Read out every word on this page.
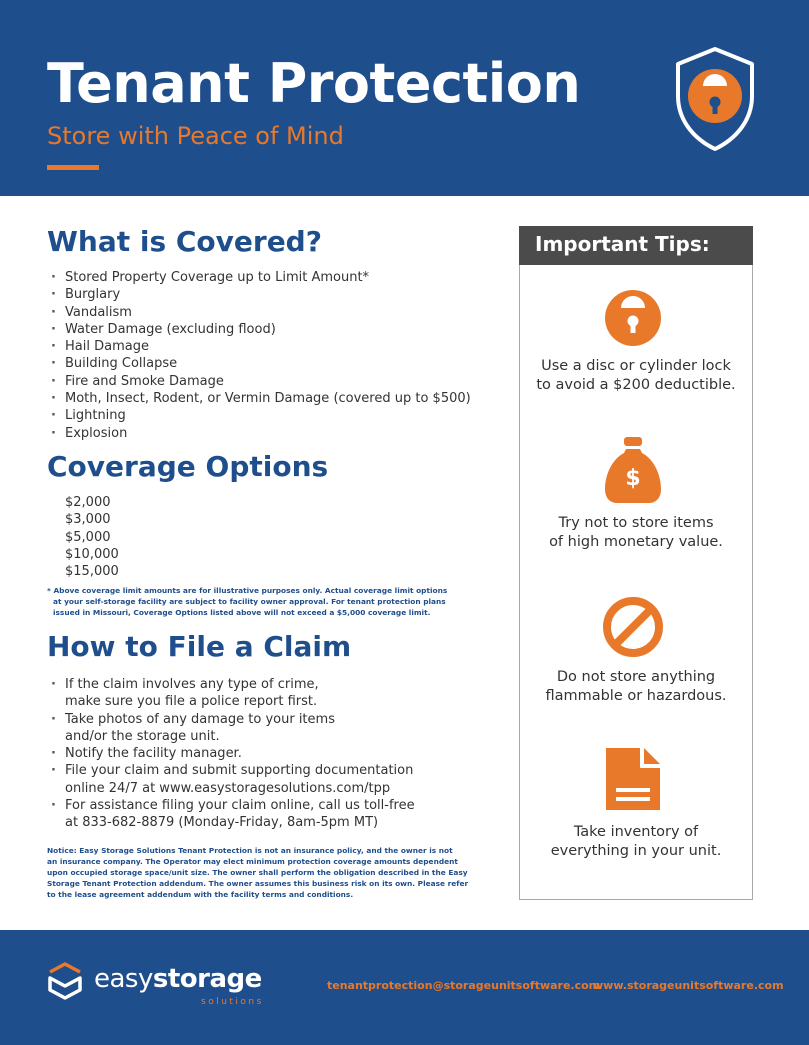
Tenant Protection
Store with Peace of Mind
What is Covered?
· Stored Property Coverage up to Limit Amount*
· Burglary
· Vandalism
· Water Damage (excluding flood)
· Hail Damage
· Building Collapse
· Fire and Smoke Damage
· Moth, Insect, Rodent, or Vermin Damage (covered up to $500)
· Lightning
· Explosion
Coverage Options
$2,000
$3,000
$5,000
$10,000
$15,000
* Above coverage limit amounts are for illustrative purposes only. Actual coverage limit options
at your self-storage facility are subject to facility owner approval. For tenant protection plans
issued in Missouri, Coverage Options listed above will not exceed a $5,000 coverage limit.
How to File a Claim
· If the claim involves any type of crime,
make sure you file a police report first.
· Take photos of any damage to your items
and/or the storage unit.
· Notify the facility manager.
· File your claim and submit supporting documentation
online 24/7 at www.easystoragesolutions.com/tpp
· For assistance filing your claim online, call us toll-free
at 833-682-8879 (Monday-Friday, 8am-5pm MT)
Notice: Easy Storage Solutions Tenant Protection is not an insurance policy, and the owner is not
an insurance company. The Operator may elect minimum protection coverage amounts dependent
upon occupied storage space/unit size. The owner shall perform the obligation described in the Easy
Storage Tenant Protection addendum. The owner assumes this business risk on its own. Please refer
to the lease agreement addendum with the facility terms and conditions.
Important Tips:
Use a disc or cylinder lock
to avoid a $200 deductible.
$
Try not to store items
of high monetary value.
Do not store anything
flammable or hazardous.
Take inventory of
everything in your unit.
easystorage
solutions
tenantprotection@storageunitsoftware.com
www.storageunitsoftware.com
